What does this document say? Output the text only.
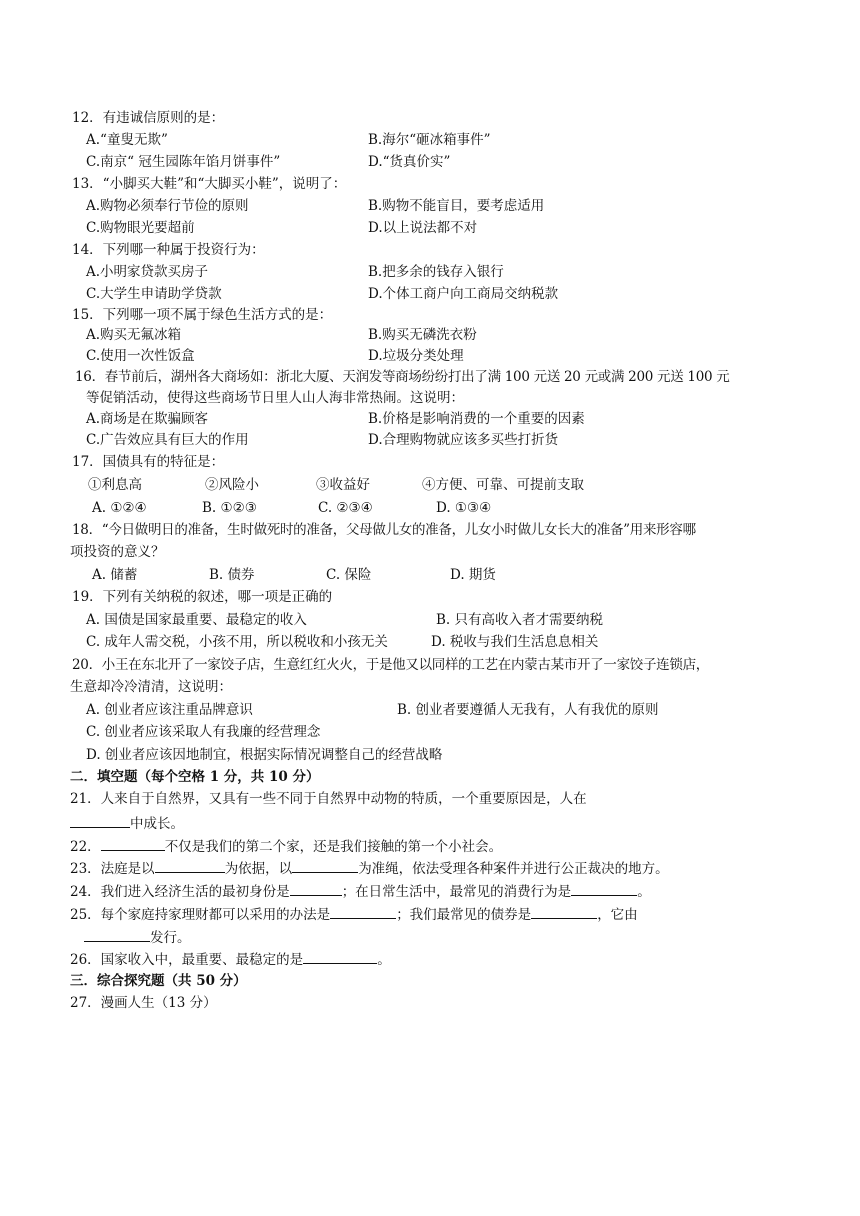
12．有违诚信原则的是：
A.“童叟无欺”	B.海尔“砸冰箱事件”
C.南京“ 冠生园陈年馅月饼事件”	D.“货真价实”
13．“小脚买大鞋”和“大脚买小鞋”，说明了：
A.购物必须奉行节俭的原则	B.购物不能盲目，要考虑适用
C.购物眼光要超前	D.以上说法都不对
14．下列哪一种属于投资行为：
A.小明家贷款买房子	B.把多余的钱存入银行
C.大学生申请助学贷款	D.个体工商户向工商局交纳税款
15．下列哪一项不属于绿色生活方式的是：
A.购买无氟冰箱	B.购买无磷洗衣粉
C.使用一次性饭盒	D.垃圾分类处理
16．春节前后，湖州各大商场如：浙北大厦、天润发等商场纷纷打出了满 100 元送 20 元或满 200 元送 100 元
等促销活动，使得这些商场节日里人山人海非常热闹。这说明：
A.商场是在欺骗顾客	B.价格是影响消费的一个重要的因素
C.广告效应具有巨大的作用	D.合理购物就应该多买些打折货
17．国债具有的特征是：
①利息高	②风险小	③收益好	④方便、可靠、可提前支取
A. ①②④	B. ①②③	C. ②③④	D. ①③④
18．“今日做明日的准备，生时做死时的准备，父母做儿女的准备，儿女小时做儿女长大的准备”用来形容哪
项投资的意义？
A. 储蓄	B. 债券	C. 保险	D. 期货
19．下列有关纳税的叙述，哪一项是正确的
A. 国债是国家最重要、最稳定的收入	B. 只有高收入者才需要纳税
C. 成年人需交税，小孩不用，所以税收和小孩无关	D. 税收与我们生活息息相关
20．小王在东北开了一家饺子店，生意红红火火，于是他又以同样的工艺在内蒙古某市开了一家饺子连锁店，
生意却冷冷清清，这说明：
A. 创业者应该注重品牌意识	B. 创业者要遵循人无我有，人有我优的原则
C. 创业者应该采取人有我廉的经营理念
D. 创业者应该因地制宜，根据实际情况调整自己的经营战略
二．填空题（每个空格 1 分，共 10 分）
21．人来自于自然界，又具有一些不同于自然界中动物的特质，一个重要原因是，人在
中成长。
22．	不仅是我们的第二个家，还是我们接触的第一个小社会。
23．法庭是以	为依据，以	为准绳，依法受理各种案件并进行公正裁决的地方。
24．我们进入经济生活的最初身份是	；在日常生活中，最常见的消费行为是	。
25．每个家庭持家理财都可以采用的办法是	；我们最常见的债券是	，它由
发行。
26．国家收入中，最重要、最稳定的是	。
三．综合探究题（共 50 分）
27．漫画人生（13 分）
